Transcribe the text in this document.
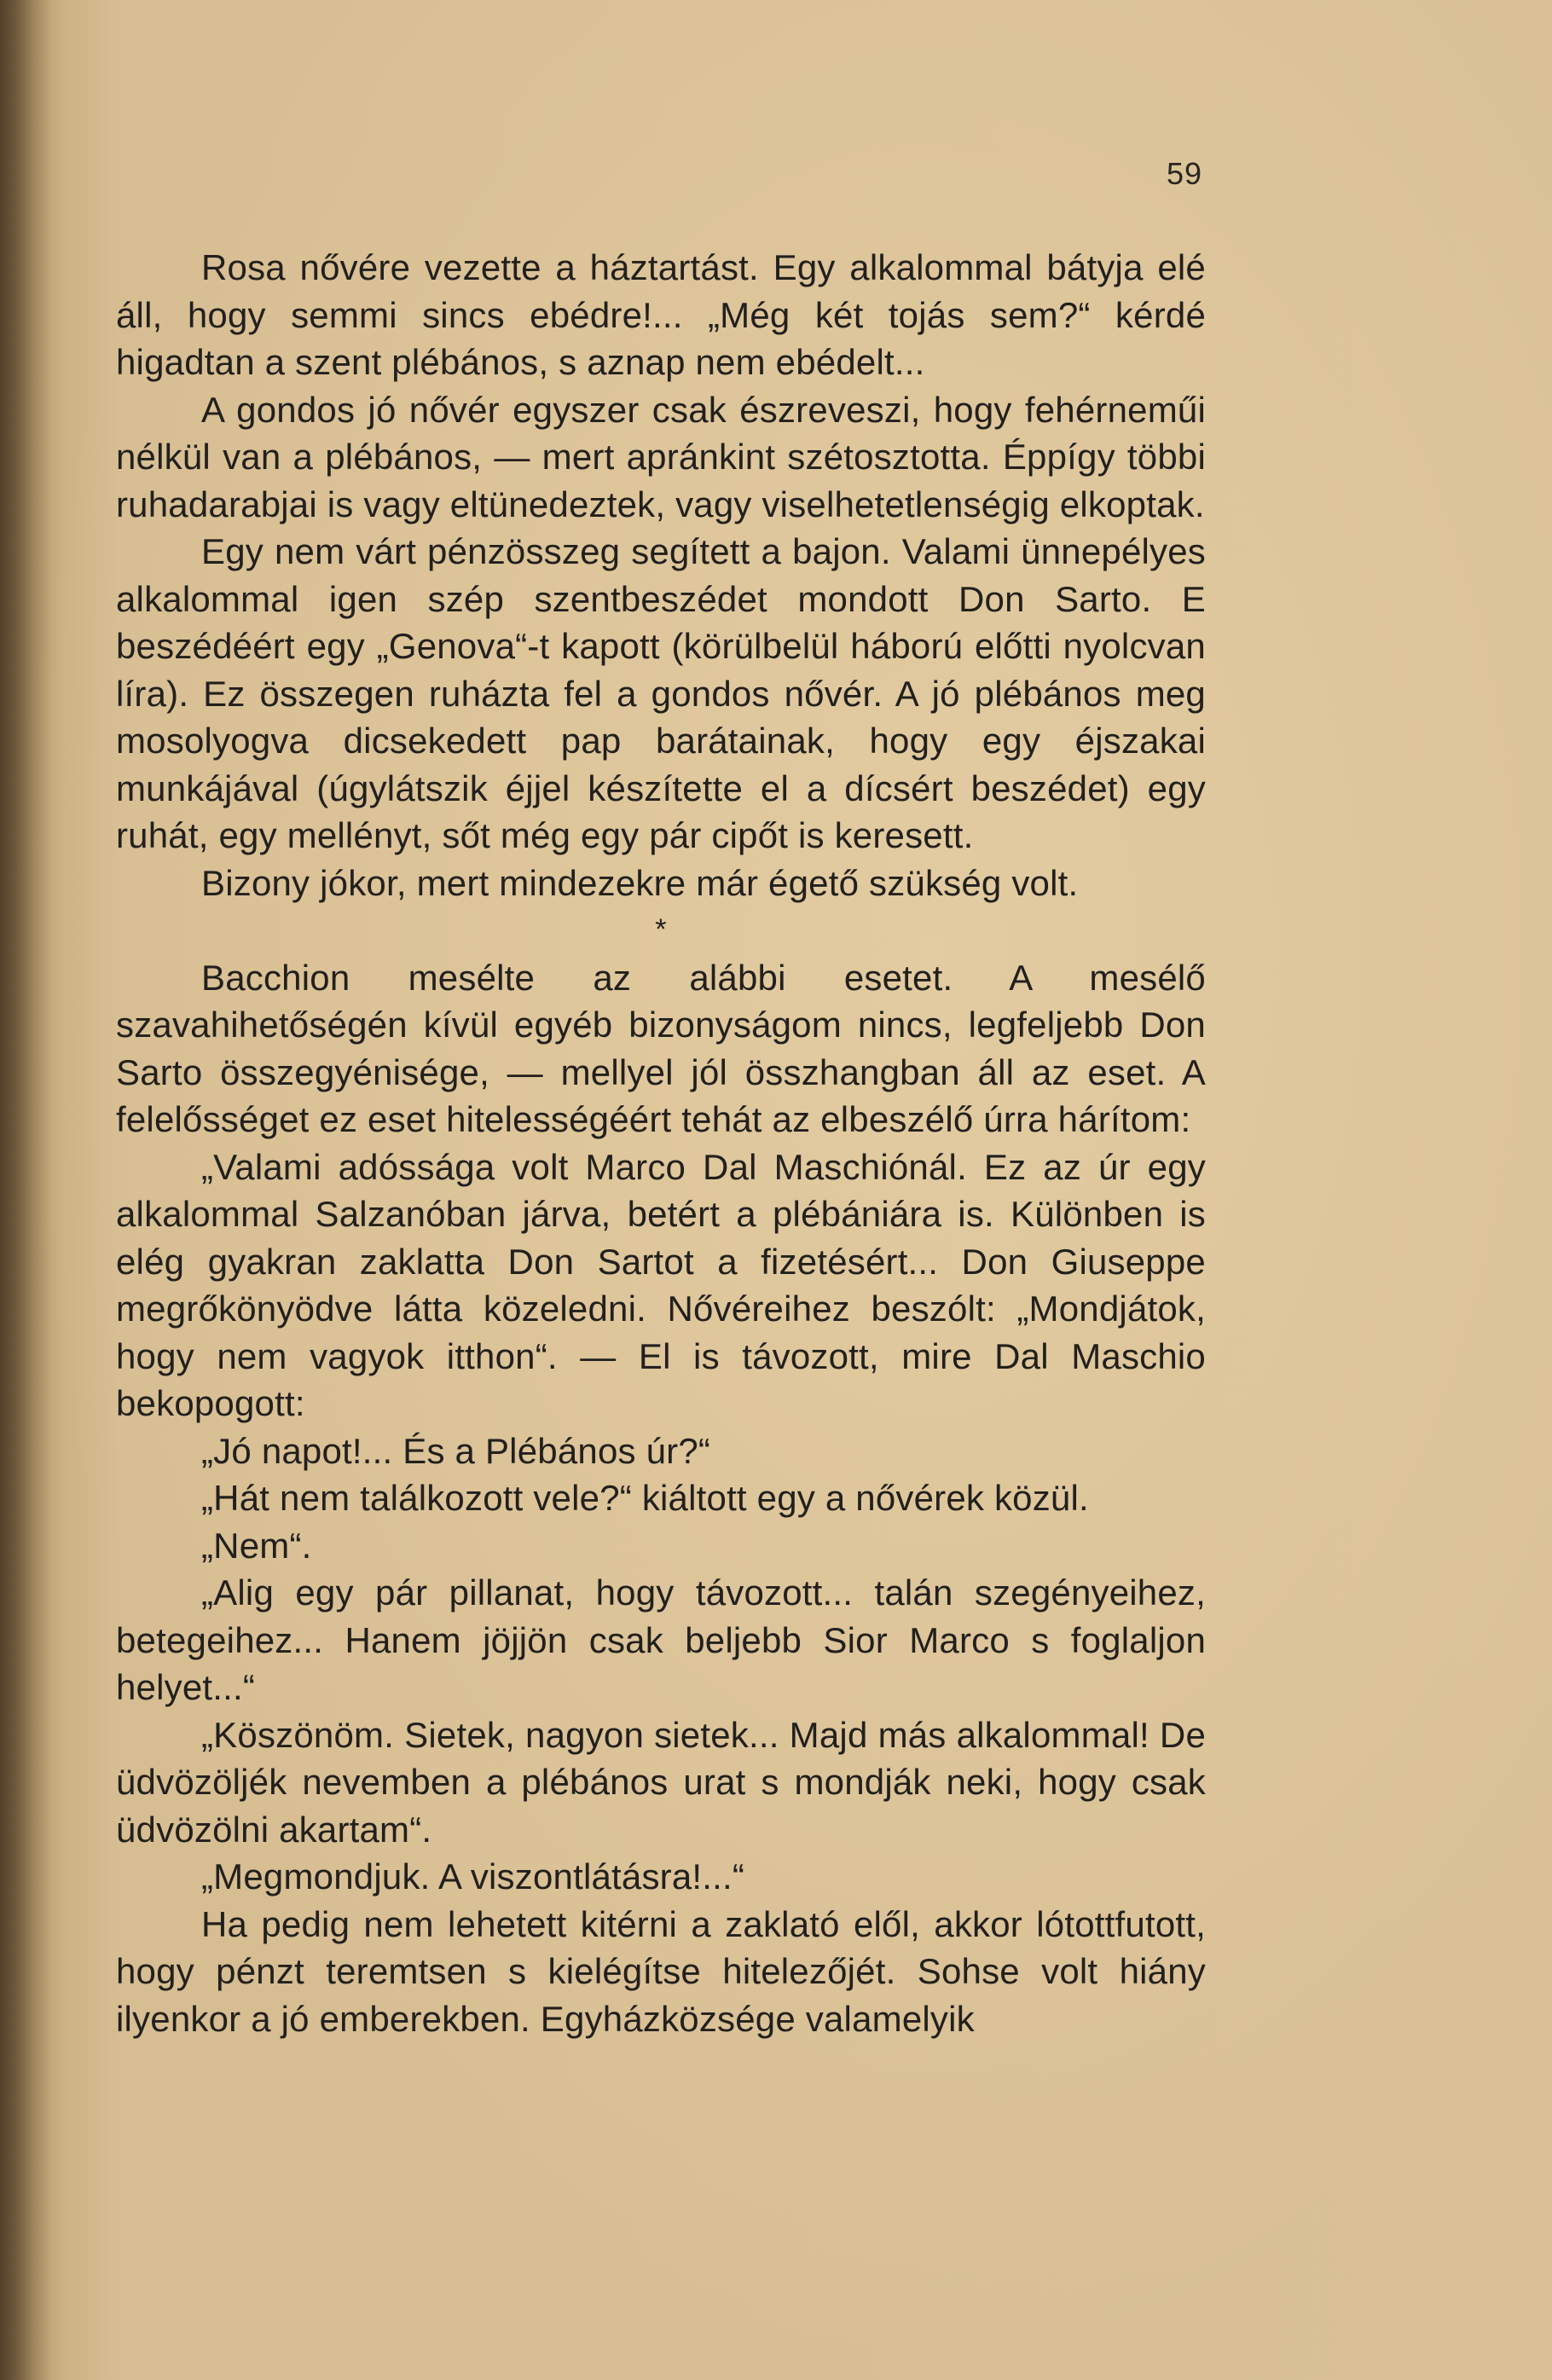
59

Rosa nővére vezette a háztartást. Egy alkalommal bátyja elé áll, hogy semmi sincs ebédre!... „Még két tojás sem?“ kérdé higadtan a szent plébános, s aznap nem ebédelt...

A gondos jó nővér egyszer csak észreveszi, hogy fehérneműi nélkül van a plébános, — mert apránkint szétosztotta. Éppígy többi ruhadarabjai is vagy eltünedeztek, vagy viselhetetlenségig elkoptak.

Egy nem várt pénzösszeg segített a bajon. Valami ünnepélyes alkalommal igen szép szentbeszédet mondott Don Sarto. E beszédéért egy „Genova“-t kapott (körülbelül háború előtti nyolcvan líra). Ez összegen ruházta fel a gondos nővér. A jó plébános meg mosolyogva dicsekedett pap barátainak, hogy egy éjszakai munkájával (úgylátszik éjjel készítette el a dícsért beszédet) egy ruhát, egy mellényt, sőt még egy pár cipőt is keresett.

Bizony jókor, mert mindezekre már égető szükség volt.

*

Bacchion mesélte az alábbi esetet. A mesélő szavahihetőségén kívül egyéb bizonyságom nincs, legfeljebb Don Sarto összegyénisége, — mellyel jól összhangban áll az eset. A felelősséget ez eset hitelességéért tehát az elbeszélő úrra hárítom:

„Valami adóssága volt Marco Dal Maschiónál. Ez az úr egy alkalommal Salzanóban járva, betért a plébániára is. Különben is elég gyakran zaklatta Don Sartot a fizetésért... Don Giuseppe megrőkönyödve látta közeledni. Nővéreihez beszólt: „Mondjátok, hogy nem vagyok itthon“. — El is távozott, mire Dal Maschio bekopogott:

„Jó napot!... És a Plébános úr?“

„Hát nem találkozott vele?“ kiáltott egy a nővérek közül.

„Nem“.

„Alig egy pár pillanat, hogy távozott... talán szegényeihez, betegeihez... Hanem jöjjön csak beljebb Sior Marco s foglaljon helyet...“

„Köszönöm. Sietek, nagyon sietek... Majd más alkalommal! De üdvözöljék nevemben a plébános urat s mondják neki, hogy csak üdvözölni akartam“.

„Megmondjuk. A viszontlátásra!...“

Ha pedig nem lehetett kitérni a zaklató elől, akkor lótottfutott, hogy pénzt teremtsen s kielégítse hitelezőjét. Sohse volt hiány ilyenkor a jó emberekben. Egyházközsége valamelyik
